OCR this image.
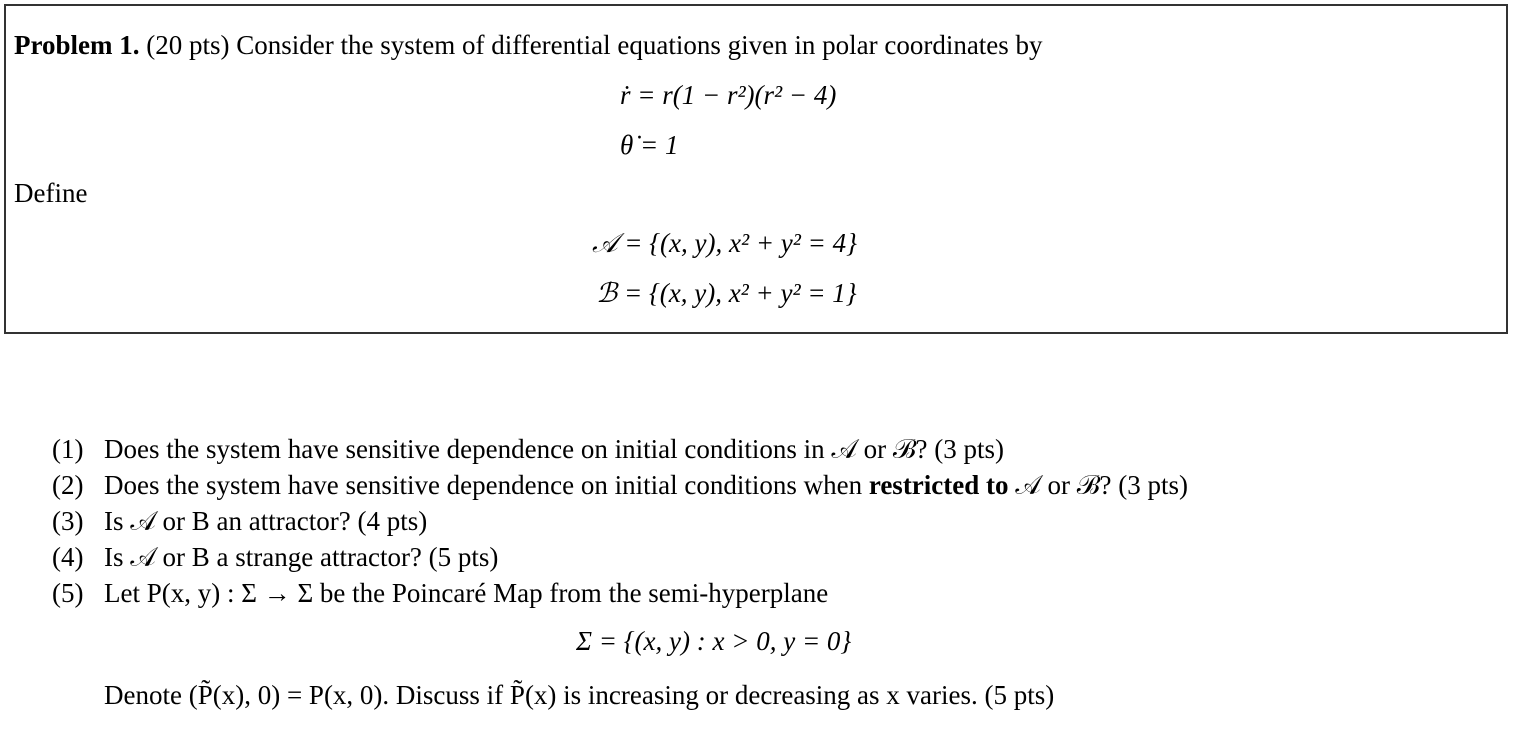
Problem 1. (20 pts) Consider the system of differential equations given in polar coordinates by
ṙ = r(1 − r²)(r² − 4)
θ̇ = 1
Define
𝒜 = {(x, y), x² + y² = 4}
ℬ = {(x, y), x² + y² = 1}
(1) Does the system have sensitive dependence on initial conditions in 𝒜 or ℬ? (3 pts)
(2) Does the system have sensitive dependence on initial conditions when restricted to 𝒜 or ℬ? (3 pts)
(3) Is 𝒜 or B an attractor? (4 pts)
(4) Is 𝒜 or B a strange attractor? (5 pts)
(5) Let P(x, y) : Σ → Σ be the Poincaré Map from the semi-hyperplane
Σ = {(x, y) : x > 0, y = 0}
Denote (P̃(x), 0) = P(x, 0). Discuss if P̃(x) is increasing or decreasing as x varies. (5 pts)
